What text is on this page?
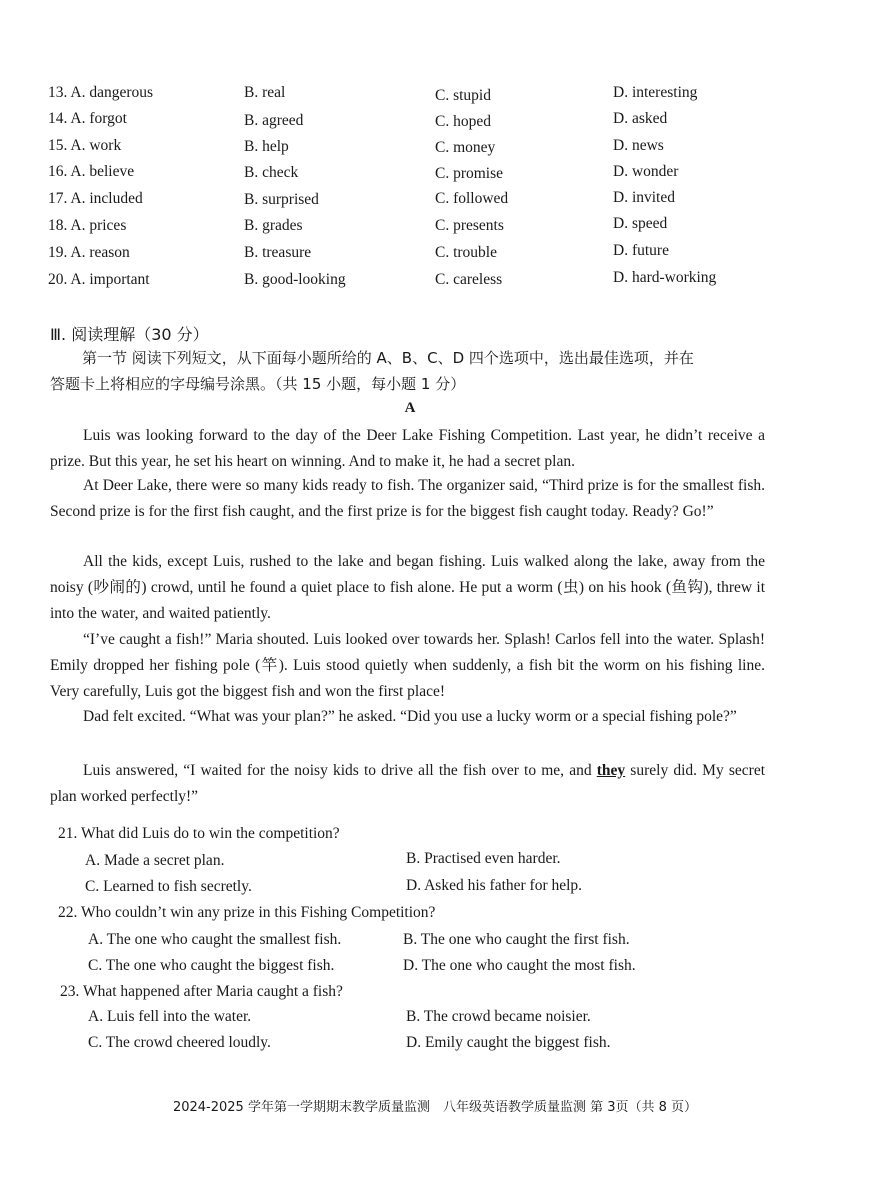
13. A. dangerous	B. real	C. stupid	D. interesting
14. A. forgot	B. agreed	C. hoped	D. asked
15. A. work	B. help	C. money	D. news
16. A. believe	B. check	C. promise	D. wonder
17. A. included	B. surprised	C. followed	D. invited
18. A. prices	B. grades	C. presents	D. speed
19. A. reason	B. treasure	C. trouble	D. future
20. A. important	B. good-looking	C. careless	D. hard-working
Ⅲ. 阅读理解（30 分）
第一节 阅读下列短文，从下面每小题所给的 A、B、C、D 四个选项中，选出最佳选项，并在
答题卡上将相应的字母编号涂黑。（共 15 小题，每小题 1 分）
A
Luis was looking forward to the day of the Deer Lake Fishing Competition. Last year, he didn’t receive a prize. But this year, he set his heart on winning. And to make it, he had a secret plan.
At Deer Lake, there were so many kids ready to fish. The organizer said, “Third prize is for the smallest fish. Second prize is for the first fish caught, and the first prize is for the biggest fish caught today. Ready? Go!”
All the kids, except Luis, rushed to the lake and began fishing. Luis walked along the lake, away from the noisy (吵闹的) crowd, until he found a quiet place to fish alone. He put a worm (虫) on his hook (鱼钩), threw it into the water, and waited patiently.
“I’ve caught a fish!” Maria shouted. Luis looked over towards her. Splash! Carlos fell into the water. Splash! Emily dropped her fishing pole (竿). Luis stood quietly when suddenly, a fish bit the worm on his fishing line. Very carefully, Luis got the biggest fish and won the first place!
Dad felt excited. “What was your plan?” he asked. “Did you use a lucky worm or a special fishing pole?”
Luis answered, “I waited for the noisy kids to drive all the fish over to me, and they surely did. My secret plan worked perfectly!”
21. What did Luis do to win the competition?
A. Made a secret plan.	B. Practised even harder.
C. Learned to fish secretly.	D. Asked his father for help.
22. Who couldn’t win any prize in this Fishing Competition?
A. The one who caught the smallest fish.	B. The one who caught the first fish.
C. The one who caught the biggest fish.	D. The one who caught the most fish.
23. What happened after Maria caught a fish?
A. Luis fell into the water.	B. The crowd became noisier.
C. The crowd cheered loudly.	D. Emily caught the biggest fish.
2024-2025 学年第一学期期末教学质量监测　八年级英语教学质量监测 第 3页（共 8 页）
